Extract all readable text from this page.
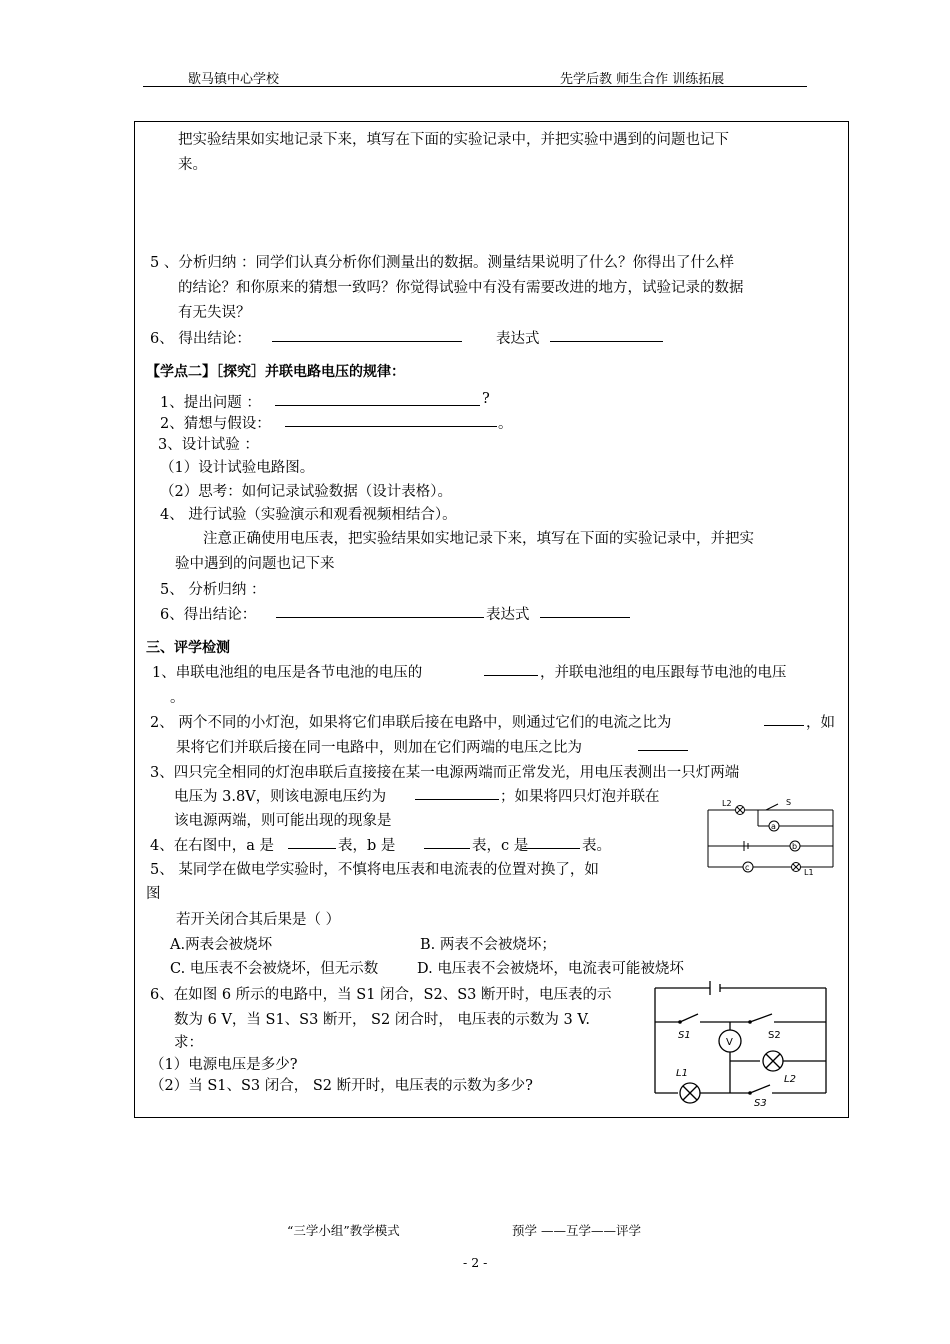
歇马镇中心学校	先学后教 师生合作 训练拓展
把实验结果如实地记录下来，填写在下面的实验记录中，并把实验中遇到的问题也记下
来。
5 、分析归纳 ：同学们认真分析你们测量出的数据。测量结果说明了什么？你得出了什么样
的结论？和你原来的猜想一致吗？你觉得试验中有没有需要改进的地方，试验记录的数据
有无失误？
6、 得出结论：	表达式
【学点二】［探究］并联电路电压的规律：
1、提出问题 ：	?
2、猜想与假设：	。
3、设计试验 ：
（1）设计试验电路图。
（2）思考：如何记录试验数据（设计表格）。
4、 进行试验（实验演示和观看视频相结合）。
注意正确使用电压表，把实验结果如实地记录下来，填写在下面的实验记录中，并把实
验中遇到的问题也记下来
5、 分析归纳 ：
6、得出结论：	表达式
三、评学检测
1、串联电池组的电压是各节电池的电压的	，并联电池组的电压跟每节电池的电压
。
2、 两个不同的小灯泡，如果将它们串联后接在电路中，则通过它们的电流之比为	，如
果将它们并联后接在同一电路中，则加在它们两端的电压之比为
3、四只完全相同的灯泡串联后直接接在某一电源两端而正常发光，用电压表测出一只灯两端
电压为 3.8V，则该电源电压约为	；如果将四只灯泡并联在
该电源两端，则可能出现的现象是
4、在右图中，a 是	表，b 是	表，c 是	表。
5、 某同学在做电学实验时，不慎将电压表和电流表的位置对换了，如
图
若开关闭合其后果是（ ）
A.两表会被烧坏	B. 两表不会被烧坏；
C. 电压表不会被烧坏，但无示数	D. 电压表不会被烧坏，电流表可能被烧坏
6、在如图 6 所示的电路中，当 S1 闭合，S2、S3 断开时，电压表的示
数为 6 V，当 S1、S3 断开， S2 闭合时， 电压表的示数为 3 V.
求：
（1）电源电压是多少?
（2）当 S1、S3 闭合， S2 断开时，电压表的示数为多少?
L2	S
a
b
c
L1
S1	S2
V
L1
L2
S3
“三学小组”教学模式	预学 ——互学——评学
- 2 -
